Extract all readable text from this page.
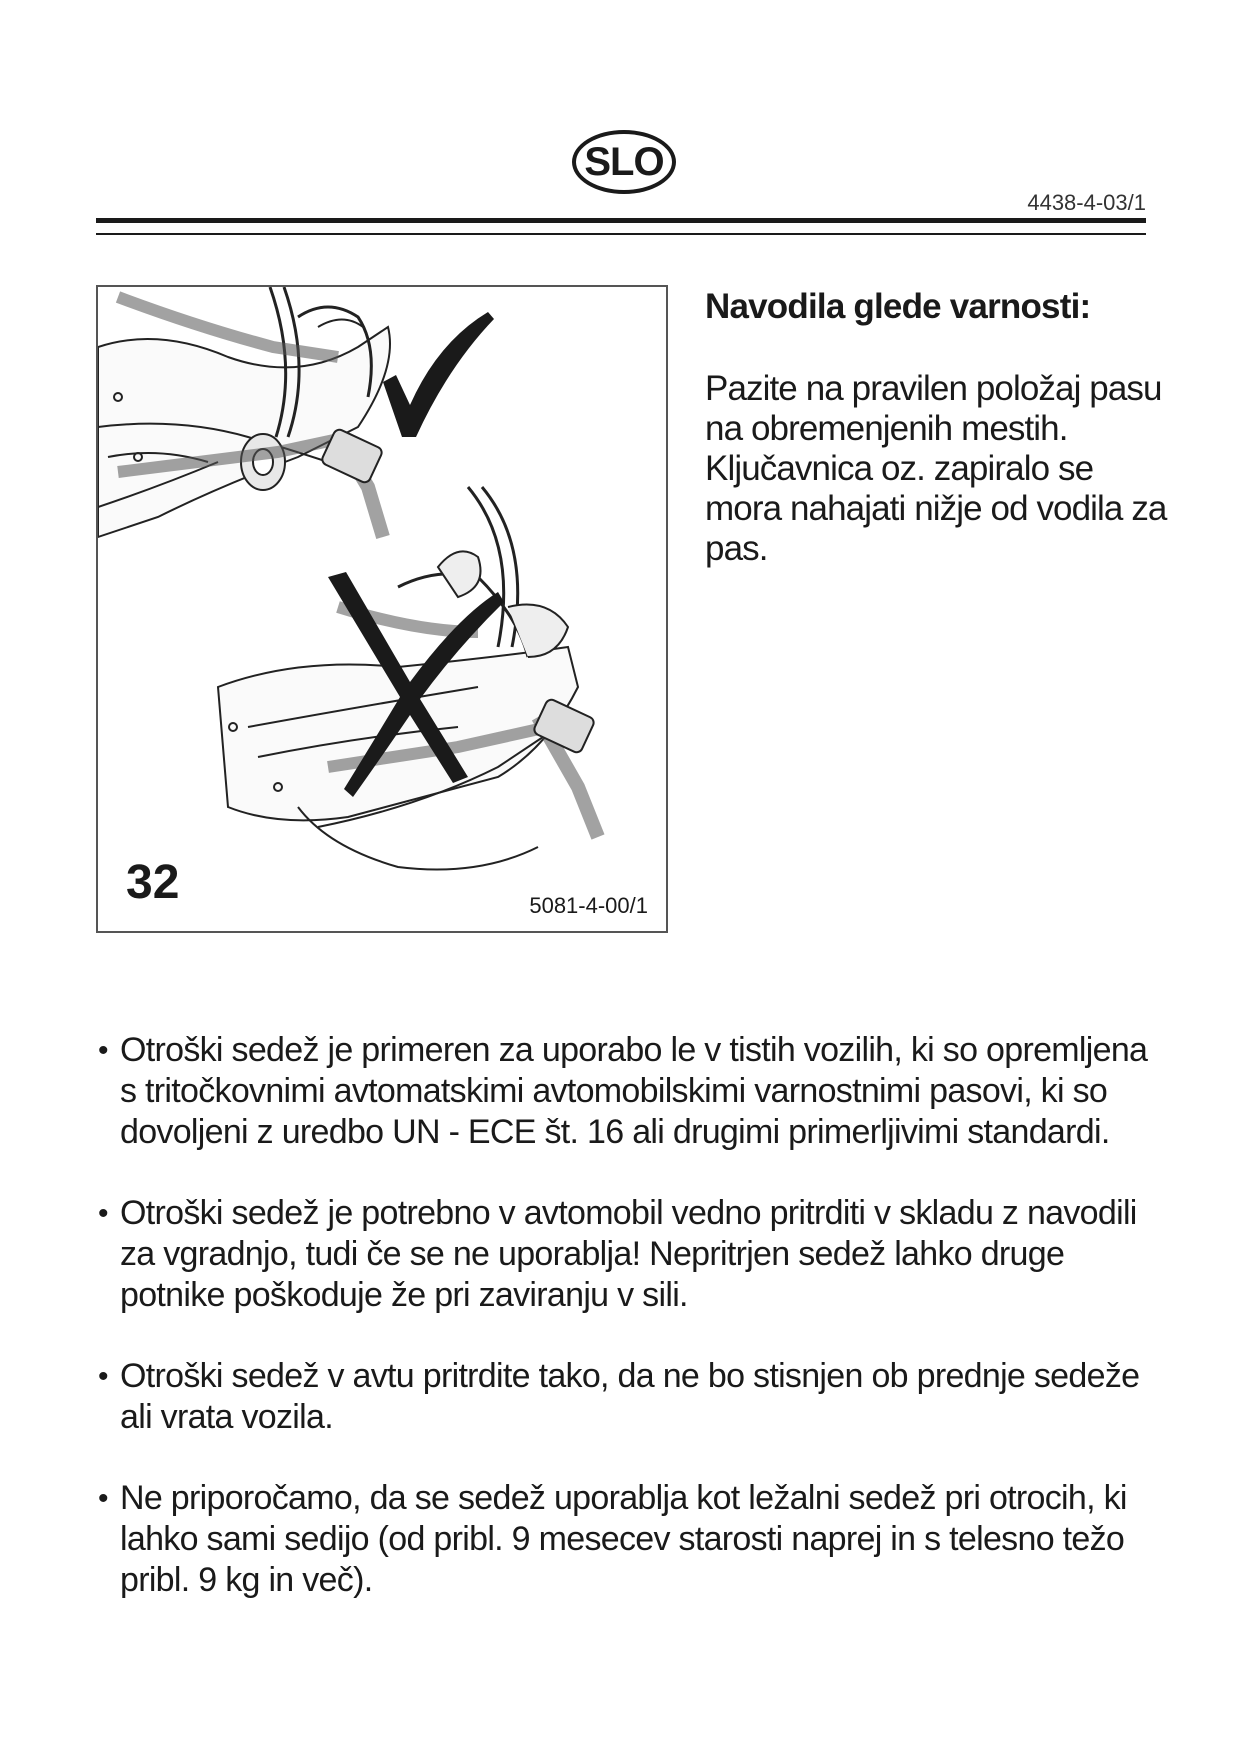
SLO
4438-4-03/1
32	5081-4-00/1
Navodila glede varnosti:

Pazite na pravilen položaj pasu na obremenjenih mestih. Ključavnica oz. zapiralo se mora nahajati nižje od vodila za pas.

• Otroški sedež je primeren za uporabo le v tistih vozilih, ki so opremljena s tritočkovnimi avtomatskimi avtomobilskimi varnostnimi pasovi, ki so dovoljeni z uredbo UN - ECE št. 16 ali drugimi primerljivimi standardi.
• Otroški sedež je potrebno v avtomobil vedno pritrditi v skladu z navodili za vgradnjo, tudi če se ne uporablja! Nepritrjen sedež lahko druge potnike poškoduje že pri zaviranju v sili.
• Otroški sedež v avtu pritrdite tako, da ne bo stisnjen ob prednje sedeže ali vrata vozila.
• Ne priporočamo, da se sedež uporablja kot ležalni sedež pri otrocih, ki lahko sami sedijo (od pribl. 9 mesecev starosti naprej in s telesno težo pribl. 9 kg in več).
